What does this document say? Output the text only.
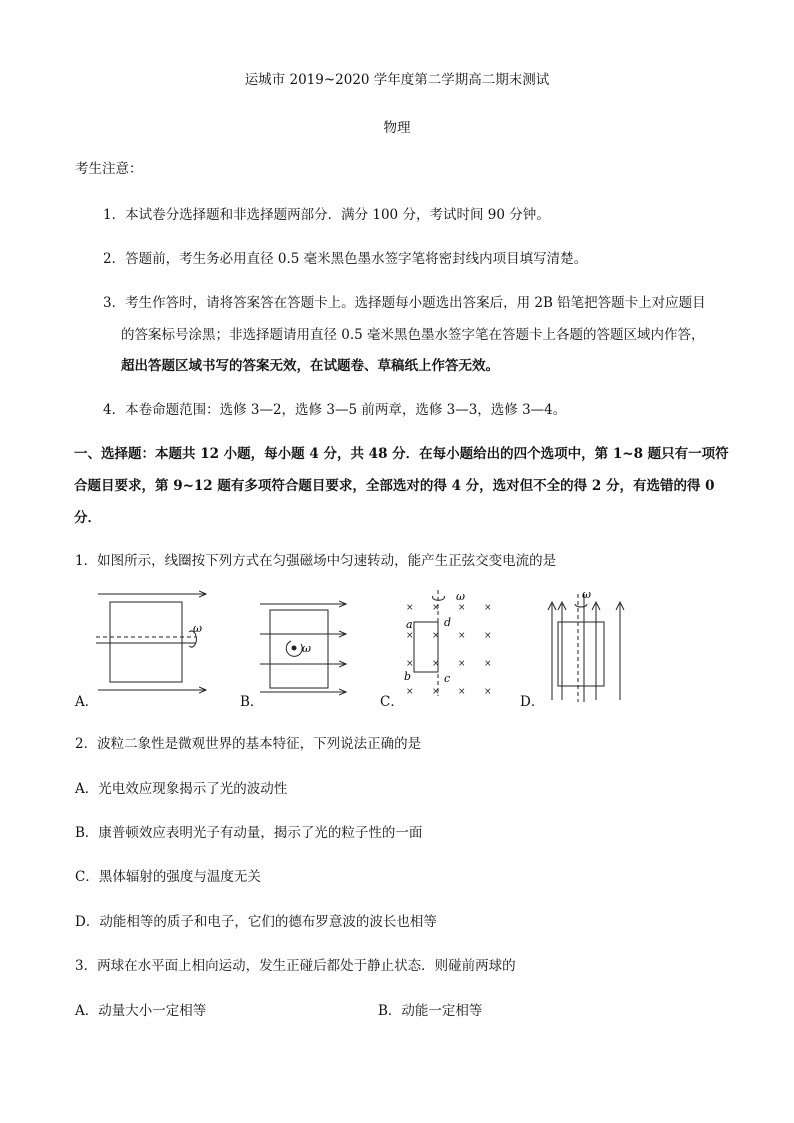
运城市 2019~2020 学年度第二学期高二期末测试
物理
考生注意：
1．本试卷分选择题和非选择题两部分．满分 100 分，考试时间 90 分钟。
2．答题前，考生务必用直径 0.5 毫米黑色墨水签字笔将密封线内项目填写清楚。
3．考生作答时，请将答案答在答题卡上。选择题每小题选出答案后，用 2B 铅笔把答题卡上对应题目
的答案标号涂黑；非选择题请用直径 0.5 毫米黑色墨水签字笔在答题卡上各题的答题区域内作答，
超出答题区域书写的答案无效，在试题卷、草稿纸上作答无效。
4．本卷命题范围：选修 3—2，选修 3—5 前两章，选修 3—3，选修 3—4。
一、选择题：本题共 12 小题，每小题 4 分，共 48 分．在每小题给出的四个选项中，第 1~8 题只有一项符
合题目要求，第 9~12 题有多项符合题目要求，全部选对的得 4 分，选对但不全的得 2 分，有选错的得 0
分．
1．如图所示，线圈按下列方式在匀强磁场中匀速转动，能产生正弦交变电流的是
ω
A．
ω
B．
× × × ×
× × × ×
× × × ×
× × × ×
ω
a	d
b	c
C．
ω
D．
2．波粒二象性是微观世界的基本特征，下列说法正确的是
A．光电效应现象揭示了光的波动性
B．康普顿效应表明光子有动量，揭示了光的粒子性的一面
C．黑体辐射的强度与温度无关
D．动能相等的质子和电子，它们的德布罗意波的波长也相等
3．两球在水平面上相向运动，发生正碰后都处于静止状态．则碰前两球的
A．动量大小一定相等	B．动能一定相等
